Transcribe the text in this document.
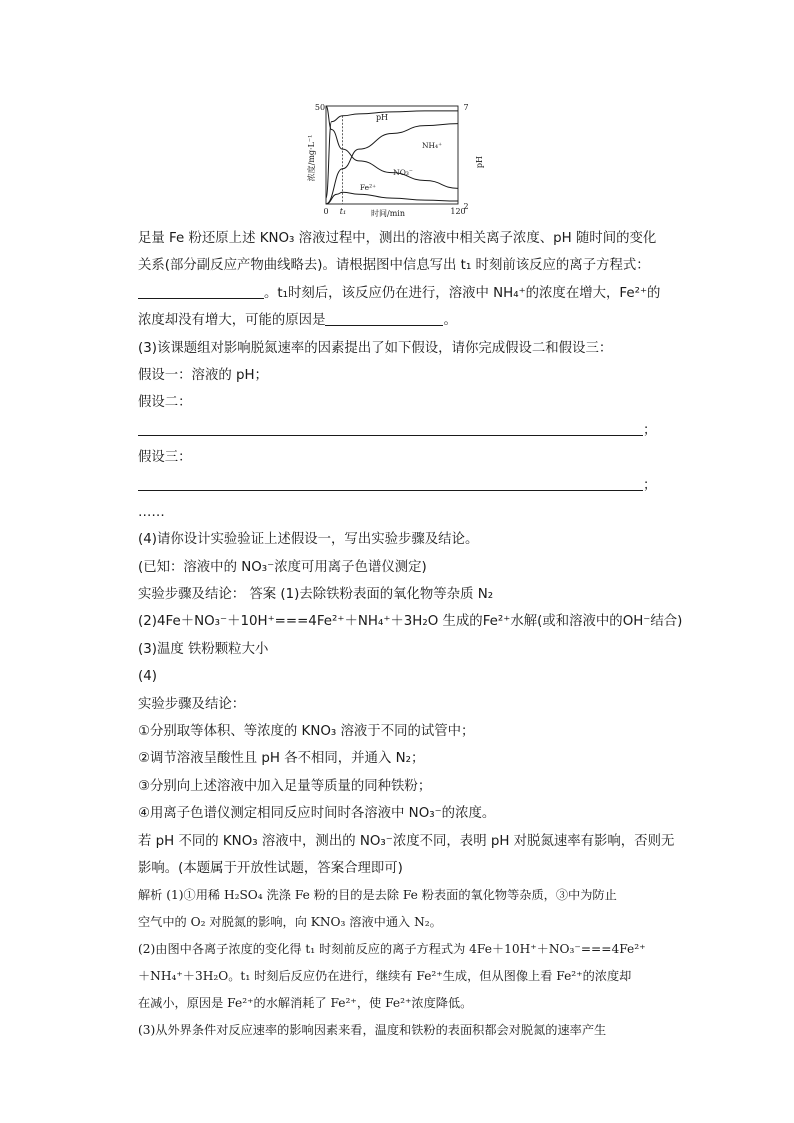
50	7
2
浓度/mg·L⁻¹	pH
0 t₁	120
时间/min
pH
NH₄⁺
NO₃⁻
Fe²⁺

足量 Fe 粉还原上述 KNO₃ 溶液过程中，测出的溶液中相关离子浓度、pH 随时间的变化

关系(部分副反应产物曲线略去)。请根据图中信息写出 t₁ 时刻前该反应的离子方程式：

。t₁时刻后，该反应仍在进行，溶液中 NH₄⁺的浓度在增大，Fe²⁺的

浓度却没有增大，可能的原因是	。

(3)该课题组对影响脱氮速率的因素提出了如下假设，请你完成假设二和假设三：

假设一：溶液的 pH；

假设二：

；

假设三：

；

……

(4)请你设计实验验证上述假设一，写出实验步骤及结论。

(已知：溶液中的 NO₃⁻浓度可用离子色谱仪测定)

实验步骤及结论： 答案 (1)去除铁粉表面的氧化物等杂质 N₂

(2)4Fe＋NO₃⁻＋10H⁺===4Fe²⁺＋NH₄⁺＋3H₂O 生成的Fe²⁺水解(或和溶液中的OH⁻结合)

(3)温度 铁粉颗粒大小

(4)

实验步骤及结论：

①分别取等体积、等浓度的 KNO₃ 溶液于不同的试管中；

②调节溶液呈酸性且 pH 各不相同，并通入 N₂；

③分别向上述溶液中加入足量等质量的同种铁粉；

④用离子色谱仪测定相同反应时间时各溶液中 NO₃⁻的浓度。

若 pH 不同的 KNO₃ 溶液中，测出的 NO₃⁻浓度不同，表明 pH 对脱氮速率有影响，否则无

影响。(本题属于开放性试题，答案合理即可)

解析 (1)①用稀 H₂SO₄ 洗涤 Fe 粉的目的是去除 Fe 粉表面的氧化物等杂质，③中为防止

空气中的 O₂ 对脱氮的影响，向 KNO₃ 溶液中通入 N₂。

(2)由图中各离子浓度的变化得 t₁ 时刻前反应的离子方程式为 4Fe＋10H⁺＋NO₃⁻===4Fe²⁺

＋NH₄⁺＋3H₂O。t₁ 时刻后反应仍在进行，继续有 Fe²⁺生成，但从图像上看 Fe²⁺的浓度却

在减小，原因是 Fe²⁺的水解消耗了 Fe²⁺，使 Fe²⁺浓度降低。

(3)从外界条件对反应速率的影响因素来看，温度和铁粉的表面积都会对脱氮的速率产生
